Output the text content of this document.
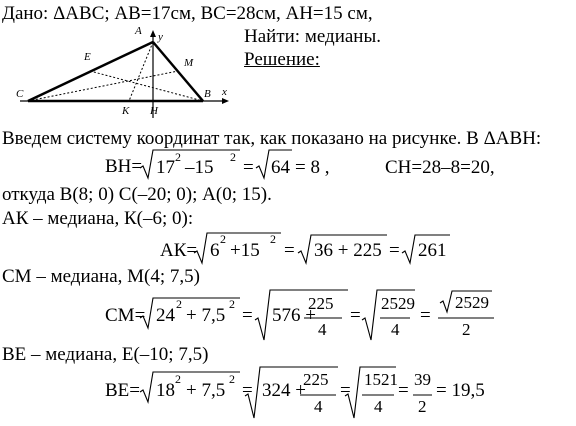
Дано: ΔАВС; АВ=17см, ВС=28см, АН=15 см,
Найти: медианы.
Решение:
A y
E	M
C	B x
K H
Введем систему координат так, как показано на рисунке. В ΔАВН:
ВН= 17 2 –15 2 = 64 = 8 ,	СН=28–8=20,
откуда В(8; 0) С(–20; 0); А(0; 15).
АК – медиана, К(–6; 0):
АК= 6
2
+15
2
= 36 + 225 = 261
СМ – медиана, М(4; 7,5)
СМ= 24
2
+ 7,5
2
= 576 +
225
4
=
2529
4
=
2529
2
ВЕ – медиана, Е(–10; 7,5)
ВЕ= 18
2
+ 7,5
2
= 324 +
225
4
=
1521
4
=
39
2
= 19,5
